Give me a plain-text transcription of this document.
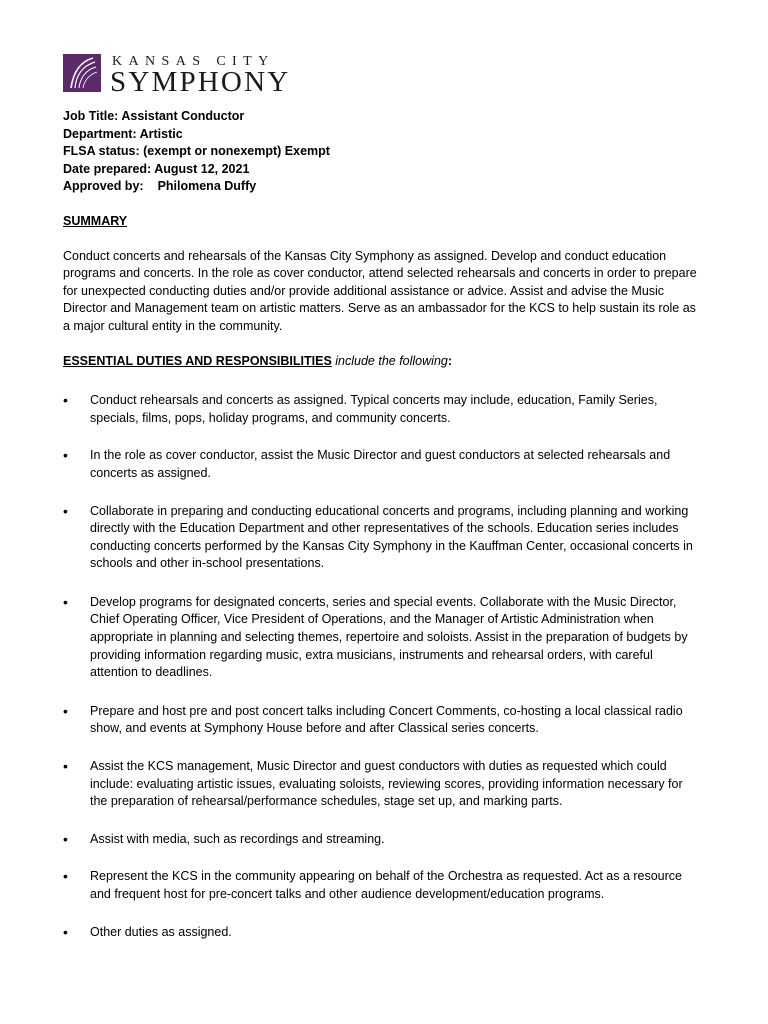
KANSAS CITY
SYMPHONY
Job Title: Assistant Conductor
Department: Artistic
FLSA status: (exempt or nonexempt) Exempt
Date prepared: August 12, 2021
Approved by: Philomena Duffy
SUMMARY
Conduct concerts and rehearsals of the Kansas City Symphony as assigned. Develop and conduct education programs and concerts. In the role as cover conductor, attend selected rehearsals and concerts in order to prepare for unexpected conducting duties and/or provide additional assistance or advice. Assist and advise the Music Director and Management team on artistic matters. Serve as an ambassador for the KCS to help sustain its role as a major cultural entity in the community.
ESSENTIAL DUTIES AND RESPONSIBILITIES include the following:
• Conduct rehearsals and concerts as assigned. Typical concerts may include, education, Family Series, specials, films, pops, holiday programs, and community concerts.
• In the role as cover conductor, assist the Music Director and guest conductors at selected rehearsals and concerts as assigned.
• Collaborate in preparing and conducting educational concerts and programs, including planning and working directly with the Education Department and other representatives of the schools. Education series includes conducting concerts performed by the Kansas City Symphony in the Kauffman Center, occasional concerts in schools and other in-school presentations.
• Develop programs for designated concerts, series and special events. Collaborate with the Music Director, Chief Operating Officer, Vice President of Operations, and the Manager of Artistic Administration when appropriate in planning and selecting themes, repertoire and soloists. Assist in the preparation of budgets by providing information regarding music, extra musicians, instruments and rehearsal orders, with careful attention to deadlines.
• Prepare and host pre and post concert talks including Concert Comments, co-hosting a local classical radio show, and events at Symphony House before and after Classical series concerts.
• Assist the KCS management, Music Director and guest conductors with duties as requested which could include: evaluating artistic issues, evaluating soloists, reviewing scores, providing information necessary for the preparation of rehearsal/performance schedules, stage set up, and marking parts.
• Assist with media, such as recordings and streaming.
• Represent the KCS in the community appearing on behalf of the Orchestra as requested. Act as a resource and frequent host for pre-concert talks and other audience development/education programs.
• Other duties as assigned.
